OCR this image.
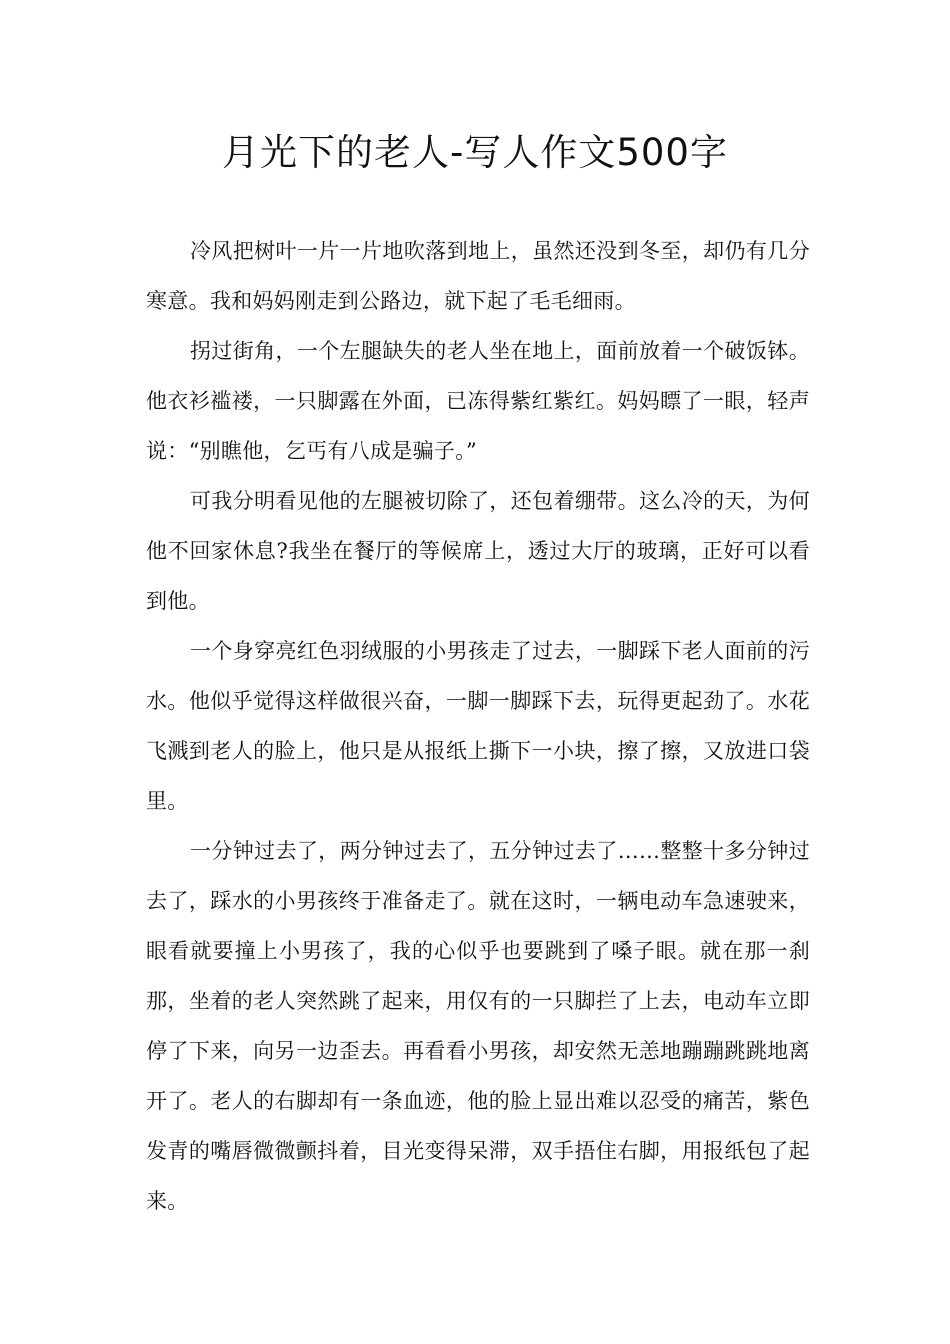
月光下的老人-写人作文500字

冷风把树叶一片一片地吹落到地上，虽然还没到冬至，却仍有几分寒意。我和妈妈刚走到公路边，就下起了毛毛细雨。

拐过街角，一个左腿缺失的老人坐在地上，面前放着一个破饭钵。他衣衫褴褛，一只脚露在外面，已冻得紫红紫红。妈妈瞟了一眼，轻声说：“别瞧他，乞丐有八成是骗子。”

可我分明看见他的左腿被切除了，还包着绷带。这么冷的天，为何他不回家休息?我坐在餐厅的等候席上，透过大厅的玻璃，正好可以看到他。

一个身穿亮红色羽绒服的小男孩走了过去，一脚踩下老人面前的污水。他似乎觉得这样做很兴奋，一脚一脚踩下去，玩得更起劲了。水花飞溅到老人的脸上，他只是从报纸上撕下一小块，擦了擦，又放进口袋里。

一分钟过去了，两分钟过去了，五分钟过去了……整整十多分钟过去了，踩水的小男孩终于准备走了。就在这时，一辆电动车急速驶来，眼看就要撞上小男孩了，我的心似乎也要跳到了嗓子眼。就在那一刹那，坐着的老人突然跳了起来，用仅有的一只脚拦了上去，电动车立即停了下来，向另一边歪去。再看看小男孩，却安然无恙地蹦蹦跳跳地离开了。老人的右脚却有一条血迹，他的脸上显出难以忍受的痛苦，紫色发青的嘴唇微微颤抖着，目光变得呆滞，双手捂住右脚，用报纸包了起来。
